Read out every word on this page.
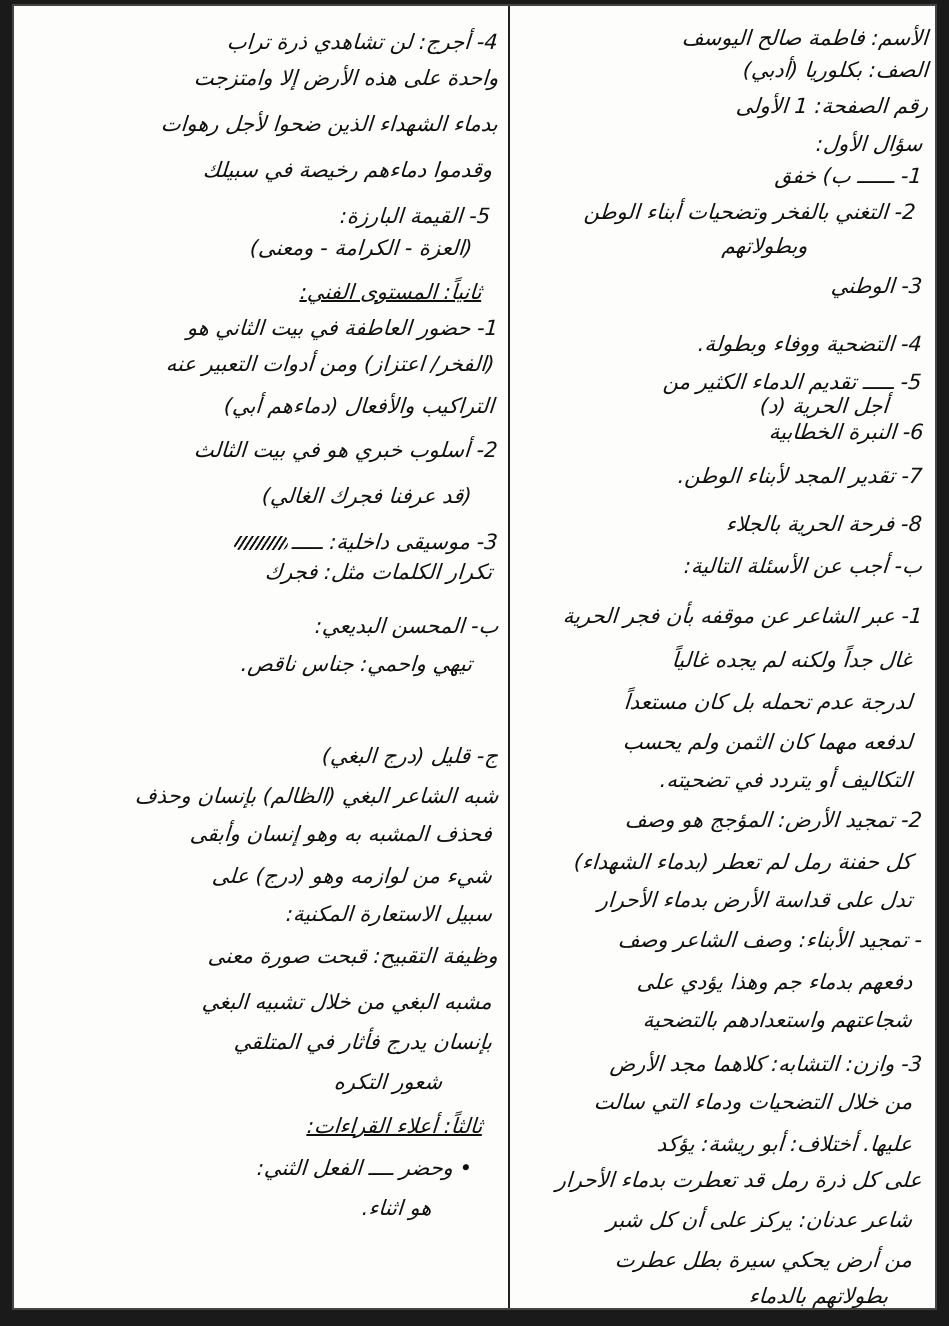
الأسم: فاطمة صالح اليوسف
الصف: بكلوريا (أدبي)
رقم الصفحة: 1 الأولى
سؤال الأول:
1- ــــــ ب) خفق
2- التغني بالفخر وتضحيات أبناء الوطن
وبطولاتهم
3- الوطني
4- التضحية ووفاء وبطولة.
5- ـــــ تقديم الدماء الكثير من
أجل الحرية (د)
6- النبرة الخطابية
7- تقدير المجد لأبناء الوطن.
8- فرحة الحرية بالجلاء
ب- أجب عن الأسئلة التالية:
1- عبر الشاعر عن موقفه بأن فجر الحرية
غال جداً ولكنه لم يجده غالياً
لدرجة عدم تحمله بل كان مستعداً
لدفعه مهما كان الثمن ولم يحسب
التكاليف أو يتردد في تضحيته.
2- تمجيد الأرض: المؤجج هو وصف
كل حفنة رمل لم تعطر (بدماء الشهداء)
تدل على قداسة الأرض بدماء الأحرار
- تمجيد الأبناء: وصف الشاعر وصف
دفعهم بدماء جم وهذا يؤدي على
شجاعتهم واستعدادهم بالتضحية
3- وازن: التشابه: كلاهما مجد الأرض
من خلال التضحيات ودماء التي سالت
عليها. أختلاف: أبو ريشة: يؤكد
على كل ذرة رمل قد تعطرت بدماء الأحرار
شاعر عدنان: يركز على أن كل شبر
من أرض يحكي سيرة بطل عطرت
بطولاتهم بالدماء
4- أجرج: لن تشاهدي ذرة تراب
واحدة على هذه الأرض إلا وامتزجت
بدماء الشهداء الذين ضحوا لأجل رهوات
وقدموا دماءهم رخيصة في سبيلك
5- القيمة البارزة:
(العزة - الكرامة - ومعنى)
ثانياً: المستوى الفني:
1- حضور العاطفة في بيت الثاني هو
(الفخر/ اعتزاز) ومن أدوات التعبير عنه
التراكيب والأفعال (دماءهم أبي)
2- أسلوب خبري هو في بيت الثالث
(قد عرفنا فجرك الغالي)
3- موسيقى داخلية: ـــــ
تكرار الكلمات مثل: فجرك
ب- المحسن البديعي:
تيهي واحمي: جناس ناقص.
ج- قليل (درج البغي)
شبه الشاعر البغي (الظالم) بإنسان وحذف
فحذف المشبه به وهو إنسان وأبقى
شيء من لوازمه وهو (درج) على
سبيل الاستعارة المكنية:
وظيفة التقبيح: قبحت صورة معنى
مشبه البغي من خلال تشبيه البغي
بإنسان يدرج فأثار في المتلقي
شعور التكره
ثالثاً: أعلاء القراءات:
• وحضر ــــ الفعل الثني:
هو اثناء.
